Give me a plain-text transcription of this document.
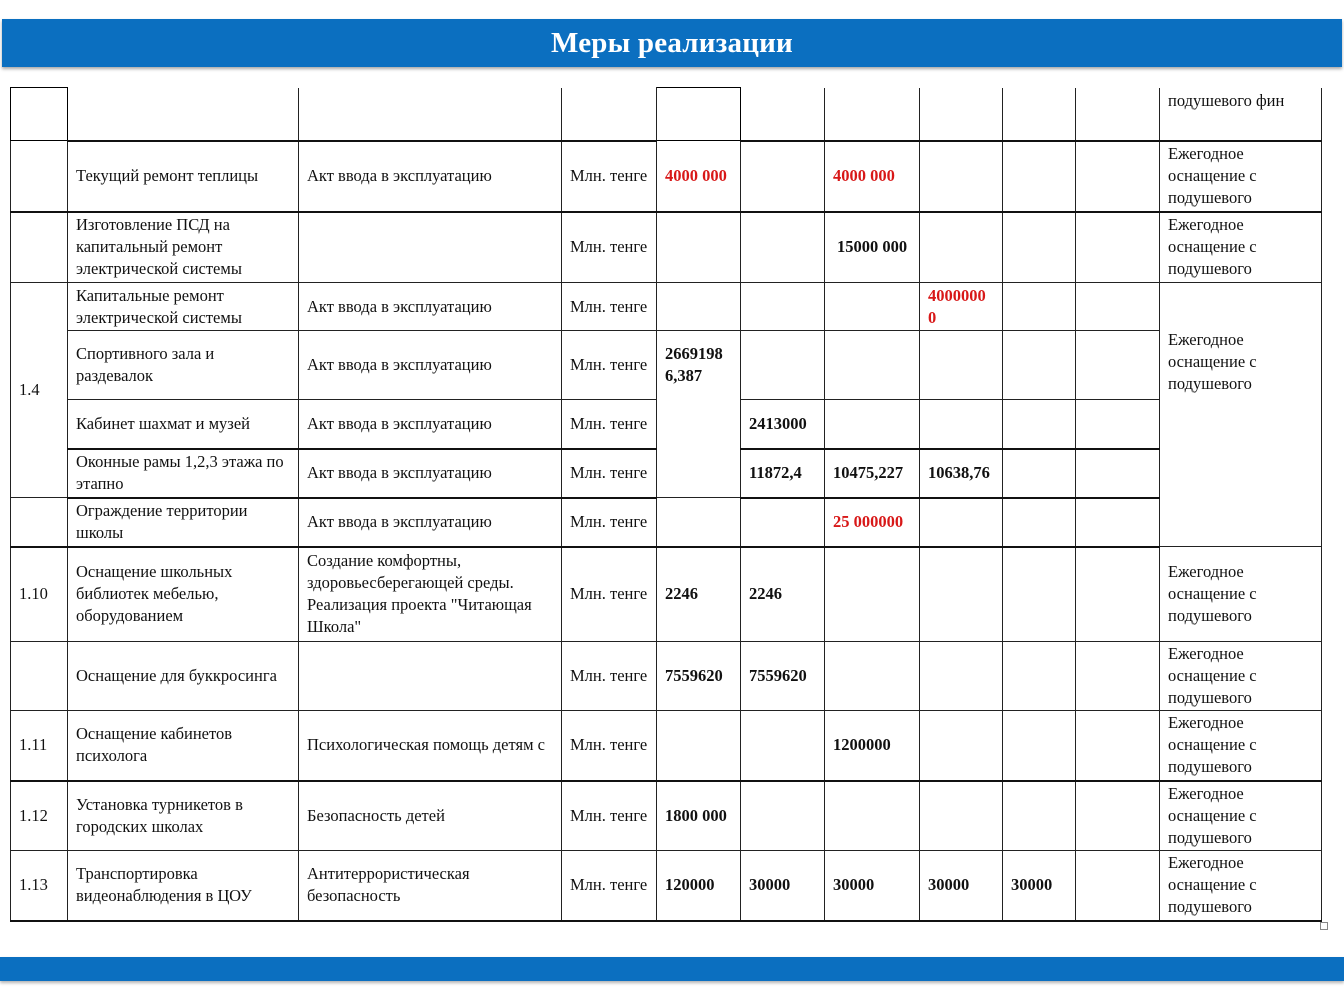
Меры реализации
										подушевого фин
	Текущий ремонт теплицы	Акт ввода в эксплуатацию	Млн. тенге	4000 000		4000 000				Ежегодное оснащение с подушевого
	Изготовление ПСД на капитальный ремонт электрической системы		Млн. тенге			15000 000				Ежегодное оснащение с подушевого
1.4	Капитальные ремонт электрической системы	Акт ввода в эксплуатацию	Млн. тенге				4000000 0			Ежегодное оснащение с подушевого
	Спортивного зала и раздевалок	Акт ввода в эксплуатацию	Млн. тенге	2669198 6,387						
	Кабинет шахмат и музей	Акт ввода в эксплуатацию	Млн. тенге		2413000					
	Оконные рамы 1,2,3 этажа по этапно	Акт ввода в эксплуатацию	Млн. тенге		11872,4	10475,227	10638,76			
	Ограждение территории школы	Акт ввода в эксплуатацию	Млн. тенге			25 000000				
1.10	Оснащение школьных библиотек мебелью, оборудованием	Создание комфортны, здоровьесберегающей среды. Реализация проекта "Читающая Школа"	Млн. тенге	2246	2246					Ежегодное оснащение с подушевого
	Оснащение для буккросинга		Млн. тенге	7559620	7559620					Ежегодное оснащение с подушевого
1.11	Оснащение кабинетов психолога	Психологическая помощь детям с	Млн. тенге			1200000				Ежегодное оснащение с подушевого
1.12	Установка турникетов в городских школах	Безопасность детей	Млн. тенге	1800 000						Ежегодное оснащение с подушевого
1.13	Транспортировка видеонаблюдения в ЦОУ	Антитеррористическая безопасность	Млн. тенге	120000	30000	30000	30000	30000		Ежегодное оснащение с подушевого
